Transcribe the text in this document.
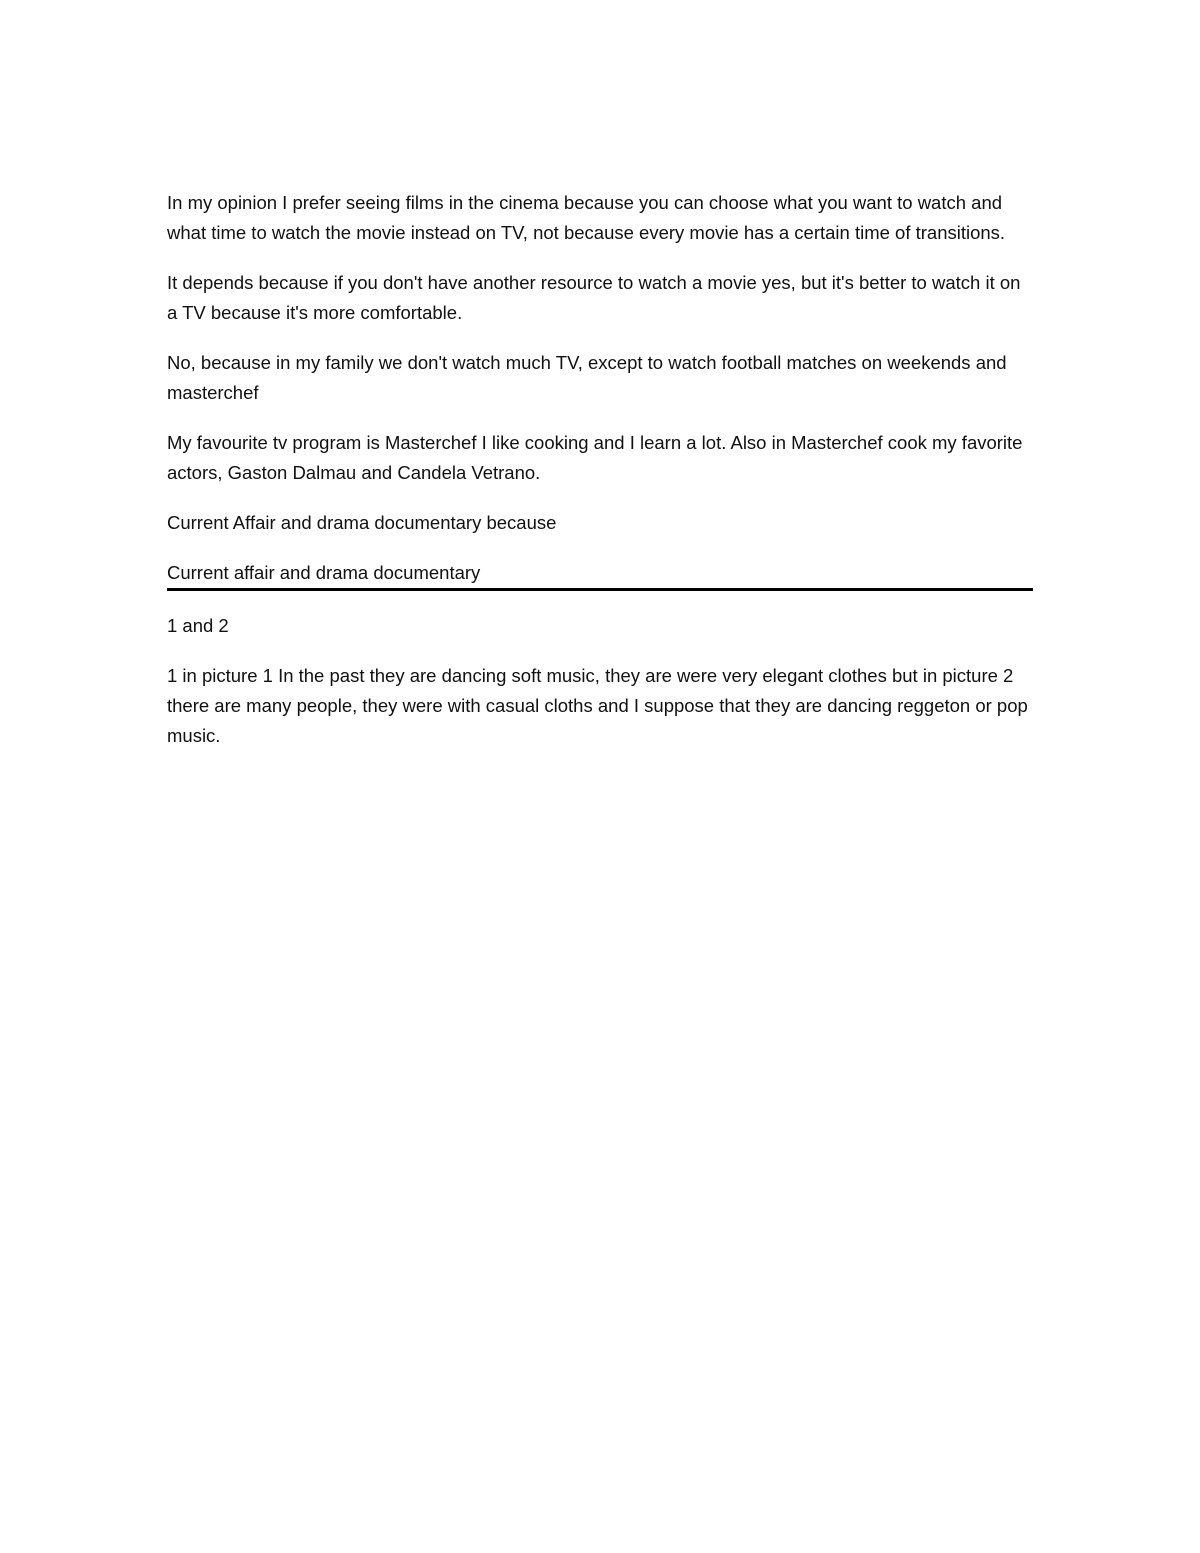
In my opinion I prefer seeing films in the cinema because you can choose what you want to watch and what time to watch the movie instead on TV, not because every movie has a certain time of transitions.

It depends because if you don't have another resource to watch a movie yes, but it's better to watch it on a TV because it's more comfortable.

No, because in my family we don't watch much TV, except to watch football matches on weekends and masterchef

My favourite tv program is Masterchef I like cooking and I learn a lot. Also in Masterchef cook my favorite actors, Gaston Dalmau and Candela Vetrano.

Current Affair and drama documentary because

Current affair and drama documentary

1 and 2

1 in picture 1 In the past they are dancing soft music, they are were very elegant clothes but in picture 2 there are many people, they were with casual cloths and I suppose that they are dancing reggeton or pop music.
